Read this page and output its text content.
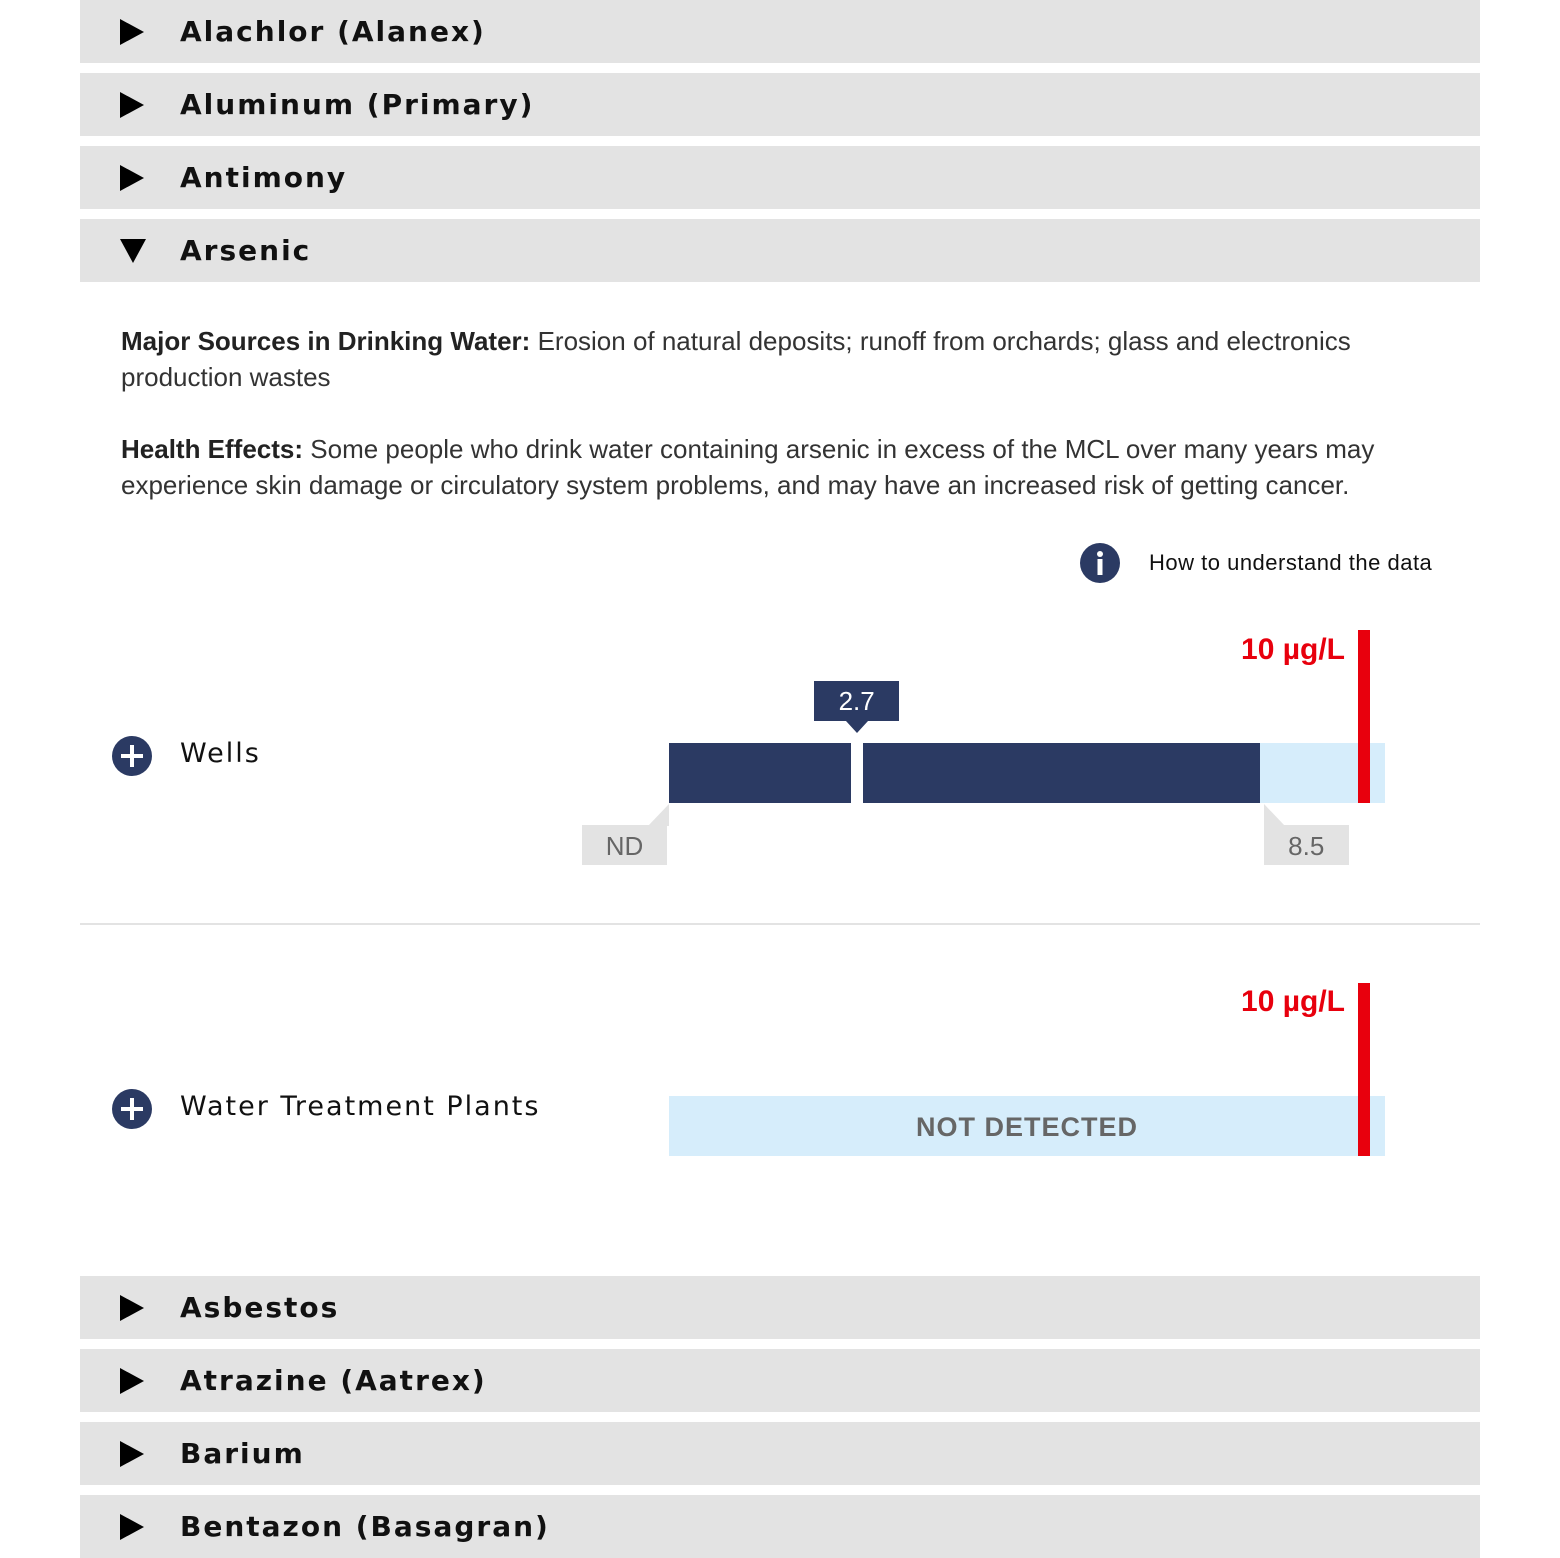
Alachlor (Alanex)
Aluminum (Primary)
Antimony
Arsenic
Major Sources in Drinking Water: Erosion of natural deposits; runoff from orchards; glass and electronics production wastes
Health Effects: Some people who drink water containing arsenic in excess of the MCL over many years may experience skin damage or circulatory system problems, and may have an increased risk of getting cancer.
How to understand the data
Wells
10 µg/L
2.7
ND	8.5
Water Treatment Plants
10 µg/L
NOT DETECTED
Asbestos
Atrazine (Aatrex)
Barium
Bentazon (Basagran)
